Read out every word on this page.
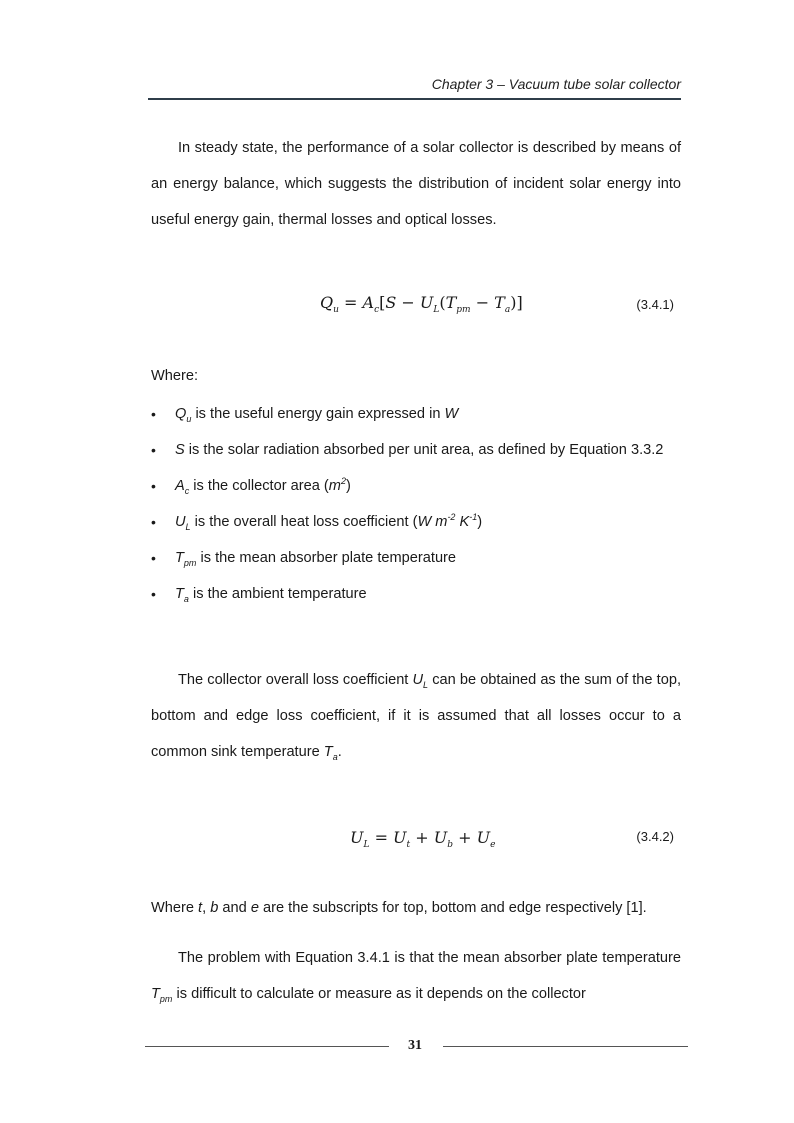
Chapter 3 – Vacuum tube solar collector

In steady state, the performance of a solar collector is described by means of an energy balance, which suggests the distribution of incident solar energy into useful energy gain, thermal losses and optical losses.

$Q_u = A_c[S - U_L(T_{pm} - T_a)]$	(3.4.1)
Where:
• $Q_u$ is the useful energy gain expressed in W
• S is the solar radiation absorbed per unit area, as defined by Equation 3.3.2
• $A_c$ is the collector area $(m^2)$
• $U_L$ is the overall heat loss coefficient (W $m^{-2}$ $K^{-1}$)
• $T_{pm}$ is the mean absorber plate temperature
• $T_a$ is the ambient temperature

The collector overall loss coefficient $U_L$ can be obtained as the sum of the top, bottom and edge loss coefficient, if it is assumed that all losses occur to a common sink temperature $T_a$.

$U_L = U_t + U_b + U_e$
(3.4.2)
Where t, b and e are the subscripts for top, bottom and edge respectively [1].

The problem with Equation 3.4.1 is that the mean absorber plate temperature $T_{pm}$ is difficult to calculate or measure as it depends on the collector

31
